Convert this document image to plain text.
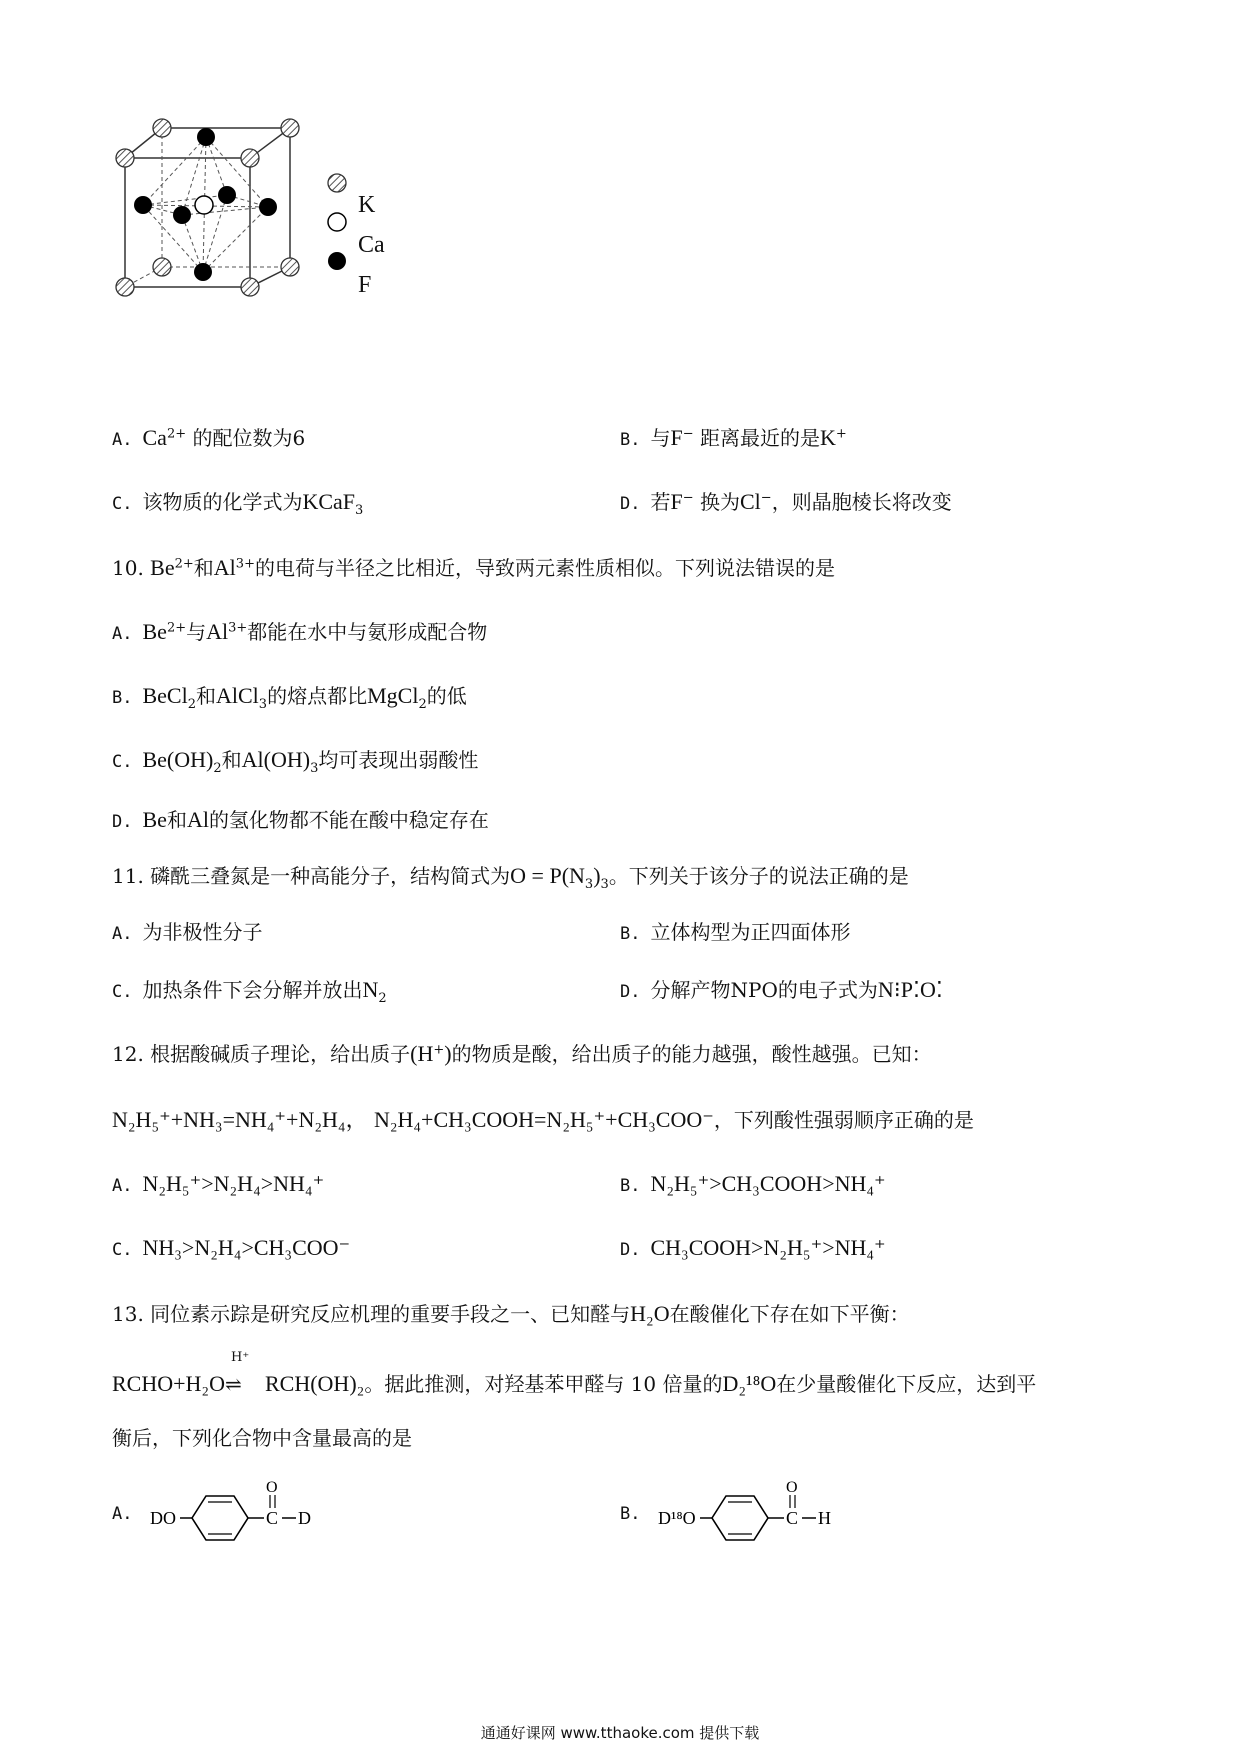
K
Ca
F
A. $Ca^{2+}$ 的配位数为6	B. 与F− 距离最近的是K+
C. 该物质的化学式为KCaF$_3$	D. 若F− 换为Cl−，则晶胞棱长将改变
10. $Be^{2+}$和$Al^{3+}$的电荷与半径之比相近，导致两元素性质相似。下列说法错误的是
A. $Be^{2+}$与$Al^{3+}$都能在水中与氨形成配合物
B. BeCl$_2$和AlCl$_3$的熔点都比MgCl$_2$的低
C. $Be(OH)_2$和$Al(OH)_3$均可表现出弱酸性
D. Be和Al的氢化物都不能在酸中稳定存在
11. 磷酰三叠氮是一种高能分子，结构简式为$O = P(N_3)_3$。下列关于该分子的说法正确的是
A. 为非极性分子	B. 立体构型为正四面体形
C. 加热条件下会分解并放出$N_2$	D. 分解产物NPO的电子式为N⁝P⁚O⁚
12. 根据酸碱质子理论，给出质子(H+)的物质是酸，给出质子的能力越强，酸性越强。已知：
N₂H₅⁺+NH₃=NH₄⁺+N₂H₄， N₂H₄+CH₃COOH=N₂H₅⁺+CH₃COO⁻，下列酸性强弱顺序正确的是
A. N₂H₅⁺>N₂H₄>NH₄⁺	B. N₂H₅⁺>CH₃COOH>NH₄⁺
C. NH₃>N₂H₄>CH₃COO⁻	D. CH₃COOH>N₂H₅⁺>NH₄⁺
13. 同位素示踪是研究反应机理的重要手段之一、已知醛与H₂O在酸催化下存在如下平衡：
RCHO+H₂O
H⁺
⇌ RCH(OH)₂。据此推测，对羟基苯甲醛与 10 倍量的D₂¹⁸O在少量酸催化下反应，达到平
衡后，下列化合物中含量最高的是
A. DO	C
O
D	B. D¹⁸O	C
O
H
通通好课网 www.tthaoke.com 提供下载
